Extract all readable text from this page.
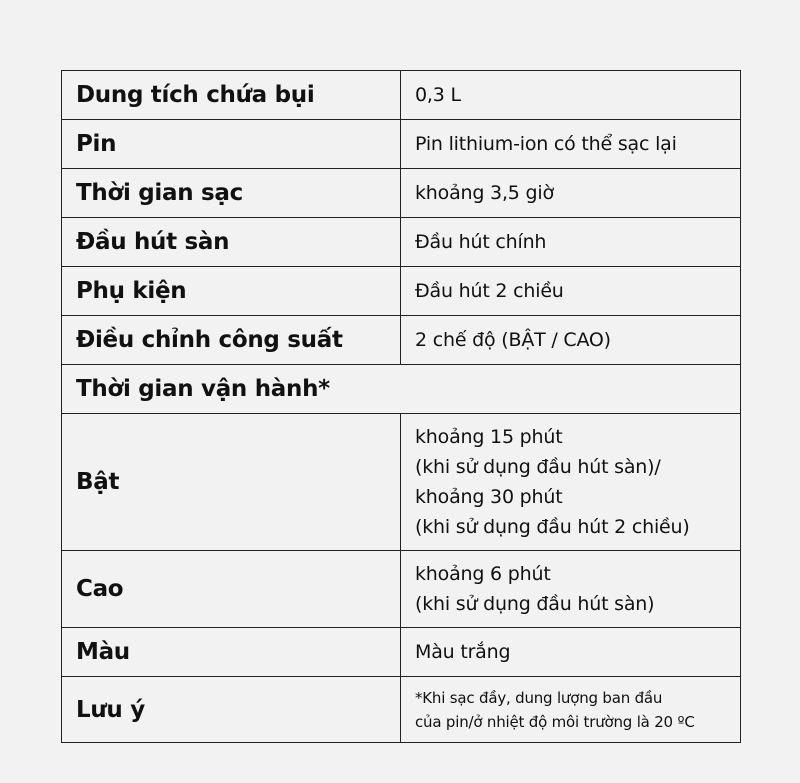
Dung tích chứa bụi	0,3 L
Pin	Pin lithium-ion có thể sạc lại
Thời gian sạc	khoảng 3,5 giờ
Đầu hút sàn	Đầu hút chính
Phụ kiện	Đầu hút 2 chiều
Điều chỉnh công suất	2 chế độ (BẬT / CAO)
Thời gian vận hành*	
Bật	khoảng 15 phút
(khi sử dụng đầu hút sàn)/
khoảng 30 phút
(khi sử dụng đầu hút 2 chiều)

Cao	khoảng 6 phút
(khi sử dụng đầu hút sàn)

Màu	Màu trắng
Lưu ý	*Khi sạc đầy, dung lượng ban đầu
của pin/ở nhiệt độ môi trường là 20 ºC
